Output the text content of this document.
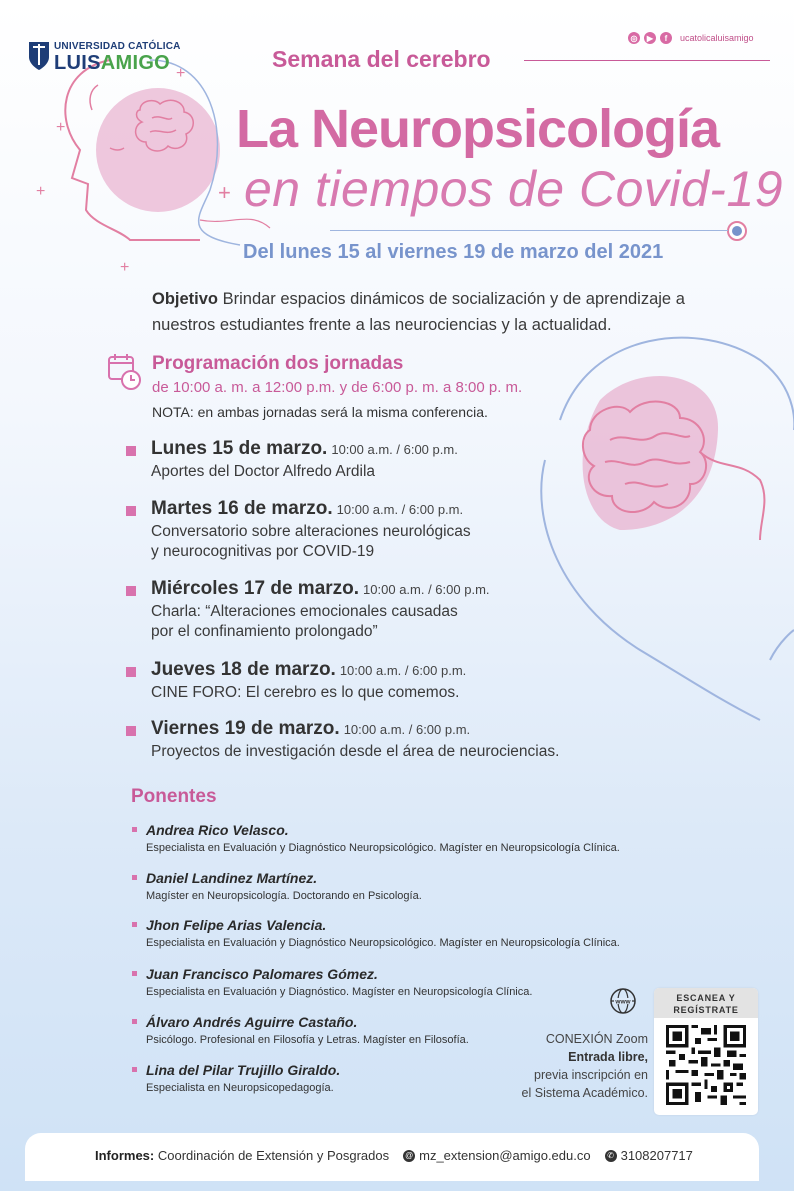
+
+
+	+
+
UNIVERSIDAD CATÓLICA
LUISAMIGO
◎	▶	f	ucatolicaluisamigo
Semana del cerebro
La Neuropsicología
en tiempos de Covid-19
Del lunes 15 al viernes 19 de marzo del 2021
Objetivo Brindar espacios dinámicos de socialización y de aprendizaje a nuestros estudiantes frente a las neurociencias y la actualidad.
Programación dos jornadas
de 10:00 a. m. a 12:00 p.m. y de 6:00 p. m. a 8:00 p. m.
NOTA: en ambas jornadas será la misma conferencia.
Lunes 15 de marzo. 10:00 a.m. / 6:00 p.m.
Aportes del Doctor Alfredo Ardila
Martes 16 de marzo. 10:00 a.m. / 6:00 p.m.
Conversatorio sobre alteraciones neurológicas
y neurocognitivas por COVID-19
Miércoles 17 de marzo. 10:00 a.m. / 6:00 p.m.
Charla: “Alteraciones emocionales causadas
por el confinamiento prolongado”
Jueves 18 de marzo. 10:00 a.m. / 6:00 p.m.
CINE FORO: El cerebro es lo que comemos.
Viernes 19 de marzo. 10:00 a.m. / 6:00 p.m.
Proyectos de investigación desde el área de neurociencias.
Ponentes
Andrea Rico Velasco.
Especialista en Evaluación y Diagnóstico Neuropsicológico. Magíster en Neuropsicología Clínica.
Daniel Landinez Martínez.
Magíster en Neuropsicología. Doctorando en Psicología.
Jhon Felipe Arias Valencia.
Especialista en Evaluación y Diagnóstico Neuropsicológico. Magíster en Neuropsicología Clínica.
Juan Francisco Palomares Gómez.
Especialista en Evaluación y Diagnóstico. Magíster en Neuropsicología Clínica.
Álvaro Andrés Aguirre Castaño.
Psicólogo. Profesional en Filosofía y Letras. Magíster en Filosofía.
Lina del Pilar Trujillo Giraldo.
Especialista en Neuropsicopedagogía.
www
CONEXIÓN Zoom
Entrada libre,
previa inscripción en
el Sistema Académico.
ESCANEA Y
REGÍSTRATE
Informes:
Coordinación de Extensión y Posgrados @ mz_extension@amigo.edu.co	✆ 3108207717
